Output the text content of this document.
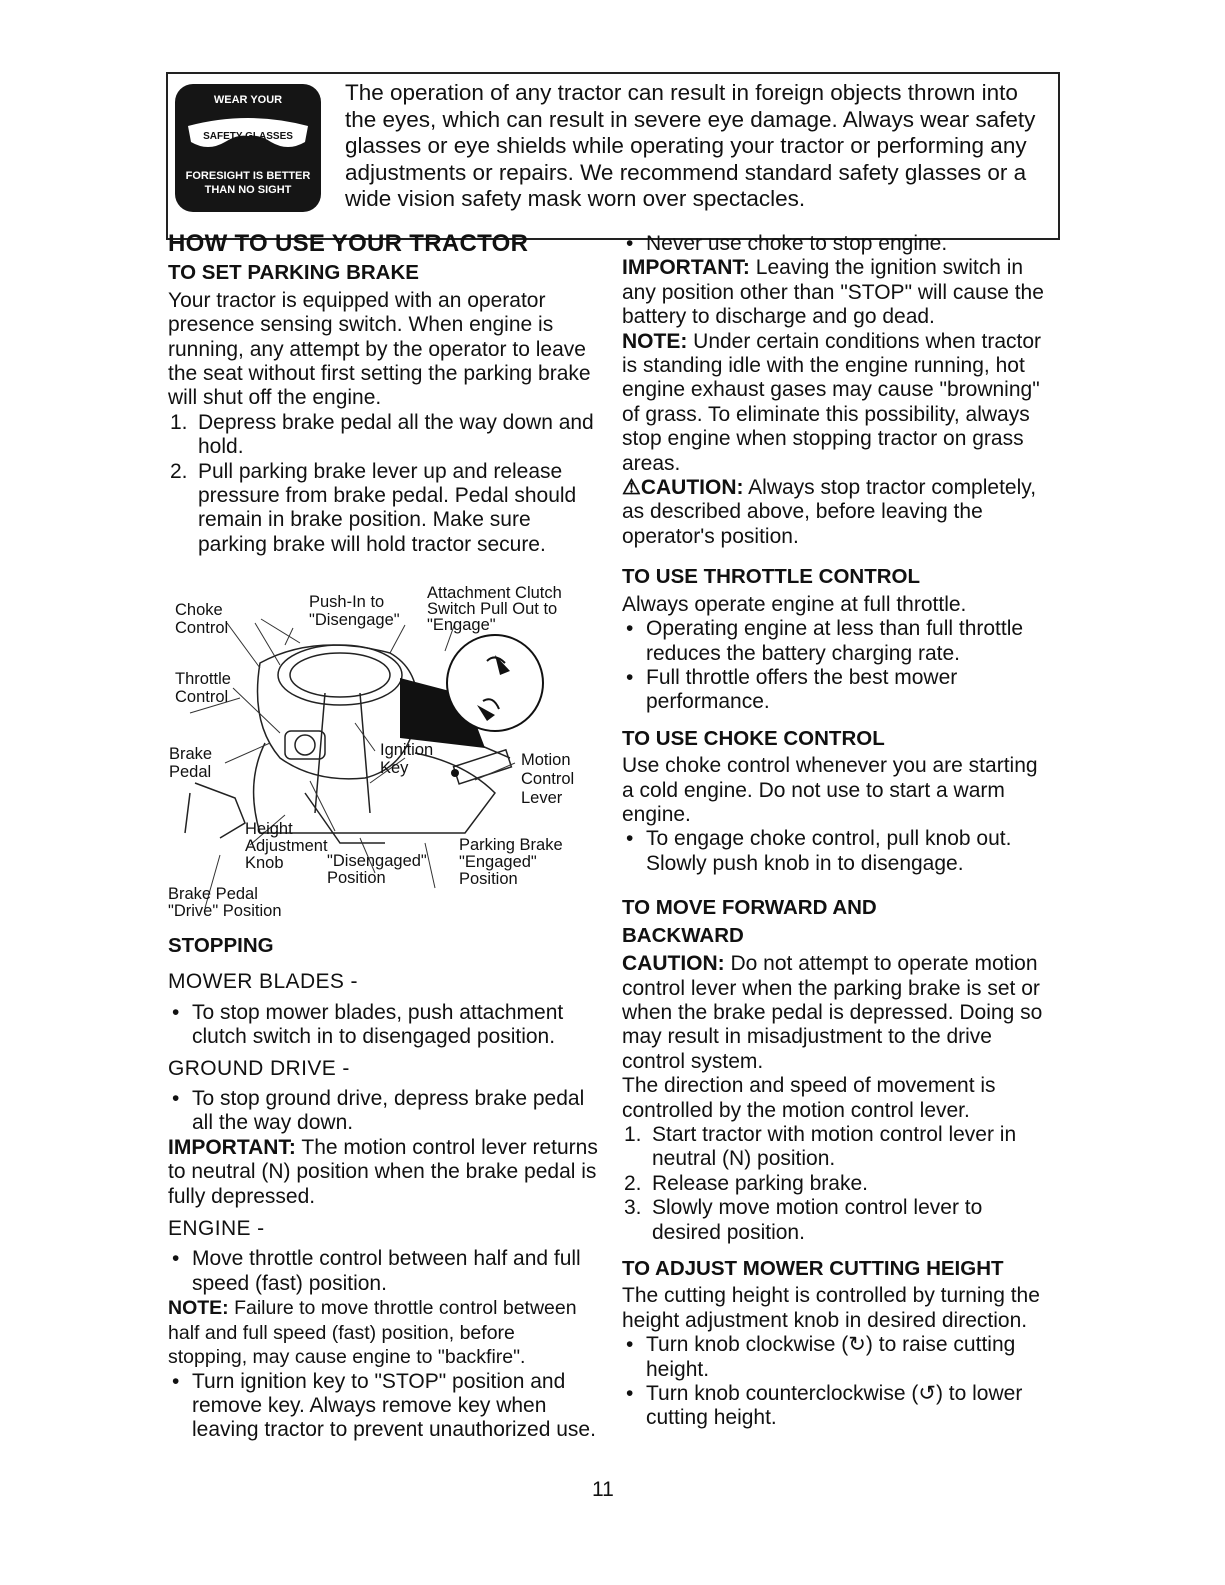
WEAR YOUR
SAFETY GLASSES
FORESIGHT IS BETTER
THAN NO SIGHT

The operation of any tractor can result in foreign objects thrown into the eyes, which can result in severe eye damage. Always wear safety glasses or eye shields while operating your tractor or performing any adjustments or repairs. We recommend standard safety glasses or a wide vision safety mask worn over spectacles.

HOW TO USE YOUR TRACTOR
TO SET PARKING BRAKE

Your tractor is equipped with an operator presence sensing switch. When engine is running, any attempt by the operator to leave the seat without first setting the parking brake will shut off the engine.

1. Depress brake pedal all the way down and hold.
2. Pull parking brake lever up and release pressure from brake pedal. Pedal should remain in brake position. Make sure parking brake will hold tractor secure.
Choke
Control
Push-In to
"Disengage"
Attachment Clutch
Switch Pull Out to
"Engage"
Throttle
Control
Brake
Pedal
Ignition
Key	Motion
Control
Lever
Height
Adjustment
Knob	"Disengaged"
Position
Parking Brake
"Engaged"
Position
Brake Pedal
"Drive" Position
STOPPING

MOWER BLADES -

• To stop mower blades, push attachment clutch switch in to disengaged position.

GROUND DRIVE -

• To stop ground drive, depress brake pedal all the way down.

IMPORTANT: The motion control lever returns to neutral (N) position when the brake pedal is fully depressed.

ENGINE -

• Move throttle control between half and full speed (fast) position.

NOTE: Failure to move throttle control between half and full speed (fast) position, before stopping, may cause engine to "backfire".

• Turn ignition key to "STOP" position and remove key. Always remove key when leaving tractor to prevent unauthorized use.
• Never use choke to stop engine.

IMPORTANT: Leaving the ignition switch in any position other than "STOP" will cause the battery to discharge and go dead.

NOTE: Under certain conditions when tractor is standing idle with the engine running, hot engine exhaust gases may cause "browning" of grass. To eliminate this possibility, always stop engine when stopping tractor on grass areas.

⚠CAUTION: Always stop tractor completely, as described above, before leaving the operator's position.

TO USE THROTTLE CONTROL

Always operate engine at full throttle.

• Operating engine at less than full throttle reduces the battery charging rate.
• Full throttle offers the best mower performance.
TO USE CHOKE CONTROL

Use choke control whenever you are starting a cold engine. Do not use to start a warm engine.

• To engage choke control, pull knob out. Slowly push knob in to disengage.
TO MOVE FORWARD AND
BACKWARD

CAUTION: Do not attempt to operate motion control lever when the parking brake is set or when the brake pedal is depressed. Doing so may result in misadjustment to the drive control system.

The direction and speed of movement is controlled by the motion control lever.

1. Start tractor with motion control lever in neutral (N) position.
2. Release parking brake.
3. Slowly move motion control lever to desired position.
TO ADJUST MOWER CUTTING HEIGHT

The cutting height is controlled by turning the height adjustment knob in desired direction.

• Turn knob clockwise (↻) to raise cutting height.
• Turn knob counterclockwise (↺) to lower cutting height.
11
